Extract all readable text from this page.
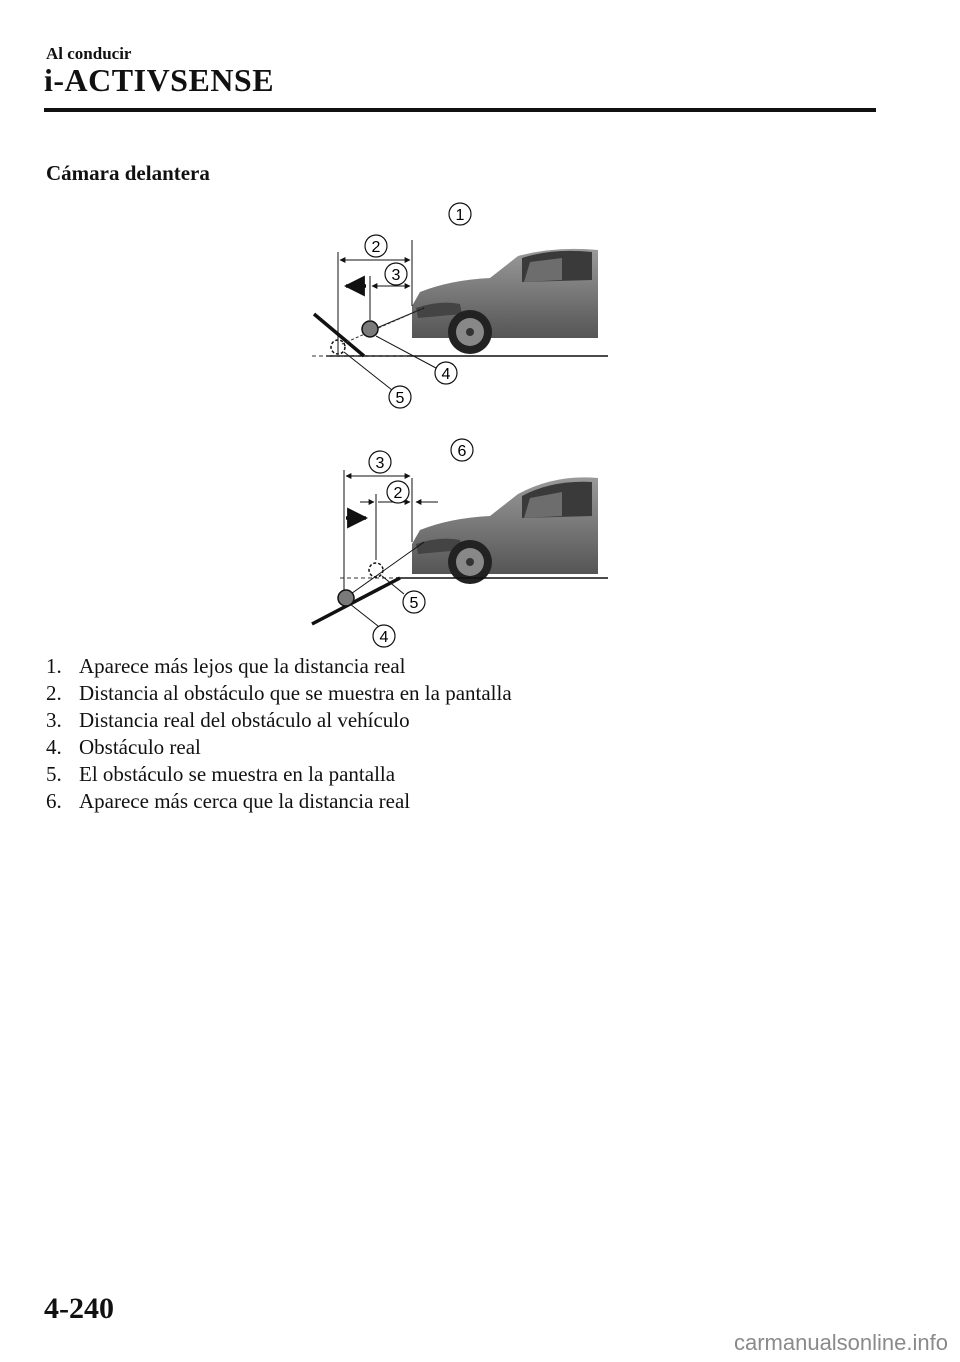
Al conducir
i-ACTIVSENSE
Cámara delantera
1
2
3
4
5
6
3
2
5
4
1. Aparece más lejos que la distancia real
2. Distancia al obstáculo que se muestra en la pantalla
3. Distancia real del obstáculo al vehículo
4. Obstáculo real
5. El obstáculo se muestra en la pantalla
6. Aparece más cerca que la distancia real
4-240
carmanualsonline.info
